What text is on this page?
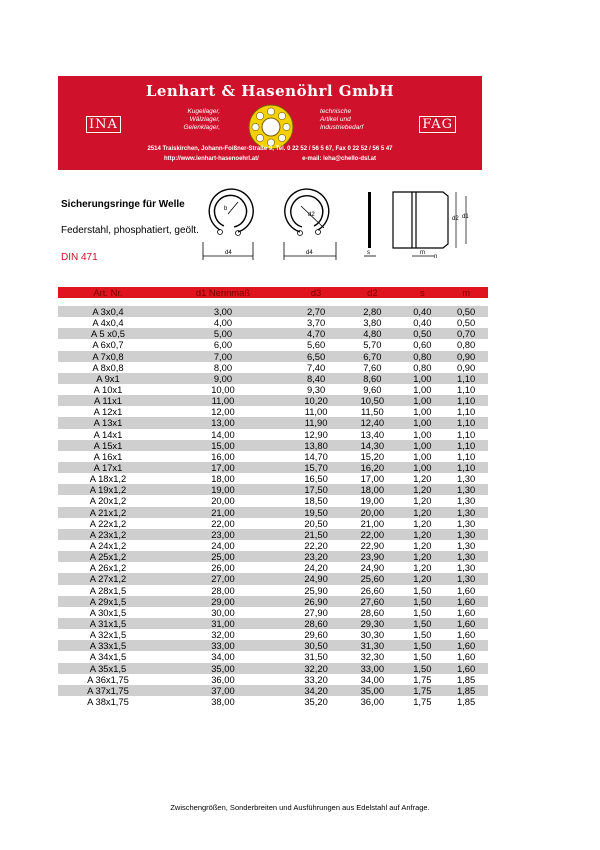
Lenhart & Hasenöhrl GmbH
INA
Kugellager,
Wälzlager,
Gelenklager,
technische
Artikel und
Industriebedarf	FAG
2514 Traiskirchen, Johann-Foißner-Straße 9, Tel. 0 22 52 / 56 5 67, Fax 0 22 52 / 56 5 47
http://www.lenhart-hasenoehrl.at/	e-mail: leha@chello-dsl.at
Sicherungsringe für Welle
Federstahl, phosphatiert, geölt.
DIN 471
b
d4
d2
d4	s	m
n
d2 d1
Art. Nr.	d1 Nennmaß	d3	d2	s	m

A 3x0,4	3,00	2,70	2,80	0,40	0,50
A 4x0,4	4,00	3,70	3,80	0,40	0,50
A 5 x0,5	5,00	4,70	4,80	0,50	0,70
A 6x0,7	6,00	5,60	5,70	0,60	0,80
A 7x0,8	7,00	6,50	6,70	0,80	0,90
A 8x0,8	8,00	7,40	7,60	0,80	0,90
A 9x1	9,00	8,40	8,60	1,00	1,10
A 10x1	10,00	9,30	9,60	1,00	1,10
A 11x1	11,00	10,20	10,50	1,00	1,10
A 12x1	12,00	11,00	11,50	1,00	1,10
A 13x1	13,00	11,90	12,40	1,00	1,10
A 14x1	14,00	12,90	13,40	1,00	1,10
A 15x1	15,00	13,80	14,30	1,00	1,10
A 16x1	16,00	14,70	15,20	1,00	1,10
A 17x1	17,00	15,70	16,20	1,00	1,10
A 18x1,2	18,00	16,50	17,00	1,20	1,30
A 19x1,2	19,00	17,50	18,00	1,20	1,30
A 20x1,2	20,00	18,50	19,00	1,20	1,30
A 21x1,2	21,00	19,50	20,00	1,20	1,30
A 22x1,2	22,00	20,50	21,00	1,20	1,30
A 23x1,2	23,00	21,50	22,00	1,20	1,30
A 24x1,2	24,00	22,20	22,90	1,20	1,30
A 25x1,2	25,00	23,20	23,90	1,20	1,30
A 26x1,2	26,00	24,20	24,90	1,20	1,30
A 27x1,2	27,00	24,90	25,60	1,20	1,30
A 28x1,5	28,00	25,90	26,60	1,50	1,60
A 29x1,5	29,00	26,90	27,60	1,50	1,60
A 30x1,5	30,00	27,90	28,60	1,50	1,60
A 31x1,5	31,00	28,60	29,30	1,50	1,60
A 32x1,5	32,00	29,60	30,30	1,50	1,60
A 33x1,5	33,00	30,50	31,30	1,50	1,60
A 34x1,5	34,00	31,50	32,30	1,50	1,60
A 35x1,5	35,00	32,20	33,00	1,50	1,60
A 36x1,75	36,00	33,20	34,00	1,75	1,85
A 37x1,75	37,00	34,20	35,00	1,75	1,85
A 38x1,75	38,00	35,20	36,00	1,75	1,85
Zwischengrößen, Sonderbreiten und Ausführungen aus Edelstahl auf Anfrage.
